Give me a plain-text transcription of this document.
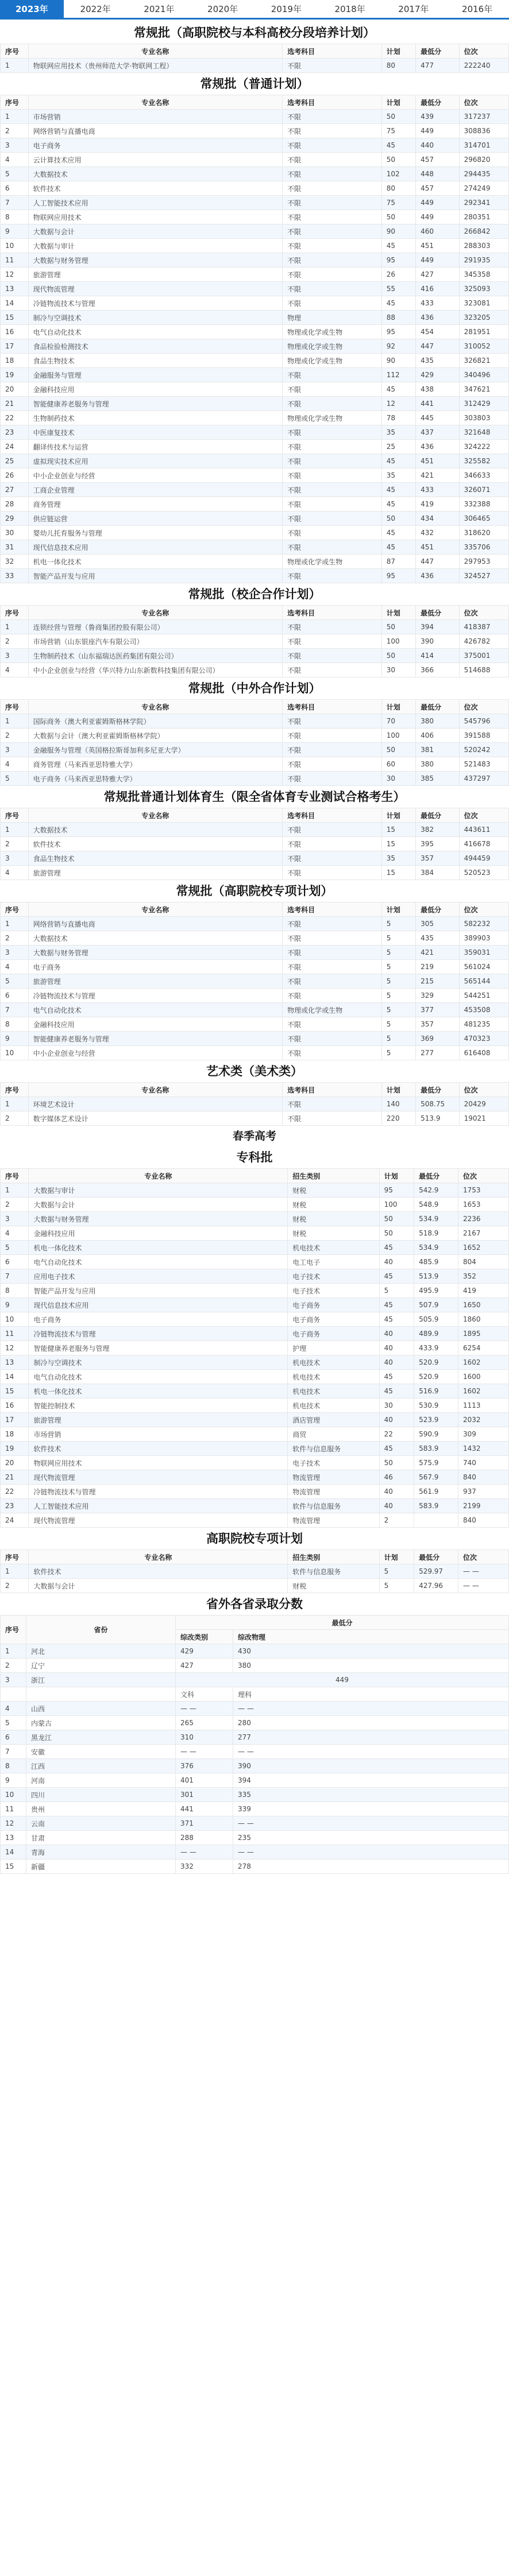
2023年	2022年	2021年	2020年	2019年	2018年	2017年	2016年
常规批（高职院校与本科高校分段培养计划）
序号	专业名称	选考科目	计划	最低分	位次
1	物联网应用技术（贵州师范大学·物联网工程）	不限	80	477	222240
常规批（普通计划）
序号	专业名称	选考科目	计划	最低分	位次
1	市场营销	不限	50	439	317237
2	网络营销与直播电商	不限	75	449	308836
3	电子商务	不限	45	440	314701
4	云计算技术应用	不限	50	457	296820
5	大数据技术	不限	102	448	294435
6	软件技术	不限	80	457	274249
7	人工智能技术应用	不限	75	449	292341
8	物联网应用技术	不限	50	449	280351
9	大数据与会计	不限	90	460	266842
10	大数据与审计	不限	45	451	288303
11	大数据与财务管理	不限	95	449	291935
12	旅游管理	不限	26	427	345358
13	现代物流管理	不限	55	416	325093
14	冷链物流技术与管理	不限	45	433	323081
15	制冷与空调技术	物理	88	436	323205
16	电气自动化技术	物理或化学或生物	95	454	281951
17	食品检验检测技术	物理或化学或生物	92	447	310052
18	食品生物技术	物理或化学或生物	90	435	326821
19	金融服务与管理	不限	112	429	340496
20	金融科技应用	不限	45	438	347621
21	智能健康养老服务与管理	不限	12	441	312429
22	生物制药技术	物理或化学或生物	78	445	303803
23	中医康复技术	不限	35	437	321648
24	翻译传技术与运营	不限	25	436	324222
25	虚拟现实技术应用	不限	45	451	325582
26	中小企业创业与经营	不限	35	421	346633
27	工商企业管理	不限	45	433	326071
28	商务管理	不限	45	419	332388
29	供应链运营	不限	50	434	306465
30	婴幼儿托育服务与管理	不限	45	432	318620
31	现代信息技术应用	不限	45	451	335706
32	机电一体化技术	物理或化学或生物	87	447	297953
33	智能产品开发与应用	不限	95	436	324527
常规批（校企合作计划）
序号	专业名称	选考科目	计划	最低分	位次
1	连锁经营与管理（鲁商集团控股有限公司）	不限	50	394	418387
2	市场营销（山东银座汽车有限公司）	不限	100	390	426782
3	生物制药技术（山东福瑞达医药集团有限公司）	不限	50	414	375001
4	中小企业创业与经营（华兴特力山东新数科技集团有限公司）	不限	30	366	514688
常规批（中外合作计划）
序号	专业名称	选考科目	计划	最低分	位次
1	国际商务（澳大利亚霍姆斯格林学院）	不限	70	380	545796
2	大数据与会计（澳大利亚霍姆斯格林学院）	不限	100	406	391588
3	金融服务与管理（英国格拉斯哥加利多尼亚大学）	不限	50	381	520242
4	商务管理（马来西亚思特雅大学）	不限	60	380	521483
5	电子商务（马来西亚思特雅大学）	不限	30	385	437297
常规批普通计划体育生（限全省体育专业测试合格考生）
序号	专业名称	选考科目	计划	最低分	位次
1	大数据技术	不限	15	382	443611
2	软件技术	不限	15	395	416678
3	食品生物技术	不限	35	357	494459
4	旅游管理	不限	15	384	520523
常规批（高职院校专项计划）
序号	专业名称	选考科目	计划	最低分	位次
1	网络营销与直播电商	不限	5	305	582232
2	大数据技术	不限	5	435	389903
3	大数据与财务管理	不限	5	421	359031
4	电子商务	不限	5	219	561024
5	旅游管理	不限	5	215	565144
6	冷链物流技术与管理	不限	5	329	544251
7	电气自动化技术	物理或化学或生物	5	377	453508
8	金融科技应用	不限	5	357	481235
9	智能健康养老服务与管理	不限	5	369	470323
10	中小企业创业与经营	不限	5	277	616408
艺术类（美术类）
序号	专业名称	选考科目	计划	最低分	位次
1	环境艺术设计	不限	140	508.75	20429
2	数字媒体艺术设计	不限	220	513.9	19021
春季高考
专科批
序号	专业名称	招生类别	计划	最低分	位次
1	大数据与审计	财税	95	542.9	1753
2	大数据与会计	财税	100	548.9	1653
3	大数据与财务管理	财税	50	534.9	2236
4	金融科技应用	财税	50	518.9	2167
5	机电一体化技术	机电技术	45	534.9	1652
6	电气自动化技术	电工电子	40	485.9	804
7	应用电子技术	电子技术	45	513.9	352
8	智能产品开发与应用	电子技术	5	495.9	419
9	现代信息技术应用	电子商务	45	507.9	1650
10	电子商务	电子商务	45	505.9	1860
11	冷链物流技术与管理	电子商务	40	489.9	1895
12	智能健康养老服务与管理	护理	40	433.9	6254
13	制冷与空调技术	机电技术	40	520.9	1602
14	电气自动化技术	机电技术	45	520.9	1600
15	机电一体化技术	机电技术	45	516.9	1602
16	智能控制技术	机电技术	30	530.9	1113
17	旅游管理	酒店管理	40	523.9	2032
18	市场营销	商贸	22	590.9	309
19	软件技术	软件与信息服务	45	583.9	1432
20	物联网应用技术	电子技术	50	575.9	740
21	现代物流管理	物流管理	46	567.9	840
22	冷链物流技术与管理	物流管理	40	561.9	937
23	人工智能技术应用	软件与信息服务	40	583.9	2199
24	现代物流管理	物流管理	2		840
高职院校专项计划
序号	专业名称	招生类别	计划	最低分	位次
1	软件技术	软件与信息服务	5	529.97	— —
2	大数据与会计	财税	5	427.96	— —
省外各省录取分数
序号	省份	最低分	
		综改类别	综改物理
1	河北	429	430
2	辽宁	427	380
3	浙江	449	
		文科	理科
4	山西	— —	— —
5	内蒙古	265	280
6	黑龙江	310	277
7	安徽	— —	— —
8	江西	376	390
9	河南	401	394
10	四川	301	335
11	贵州	441	339
12	云南	371	— —
13	甘肃	288	235
14	青海	— —	— —
15	新疆	332	278
